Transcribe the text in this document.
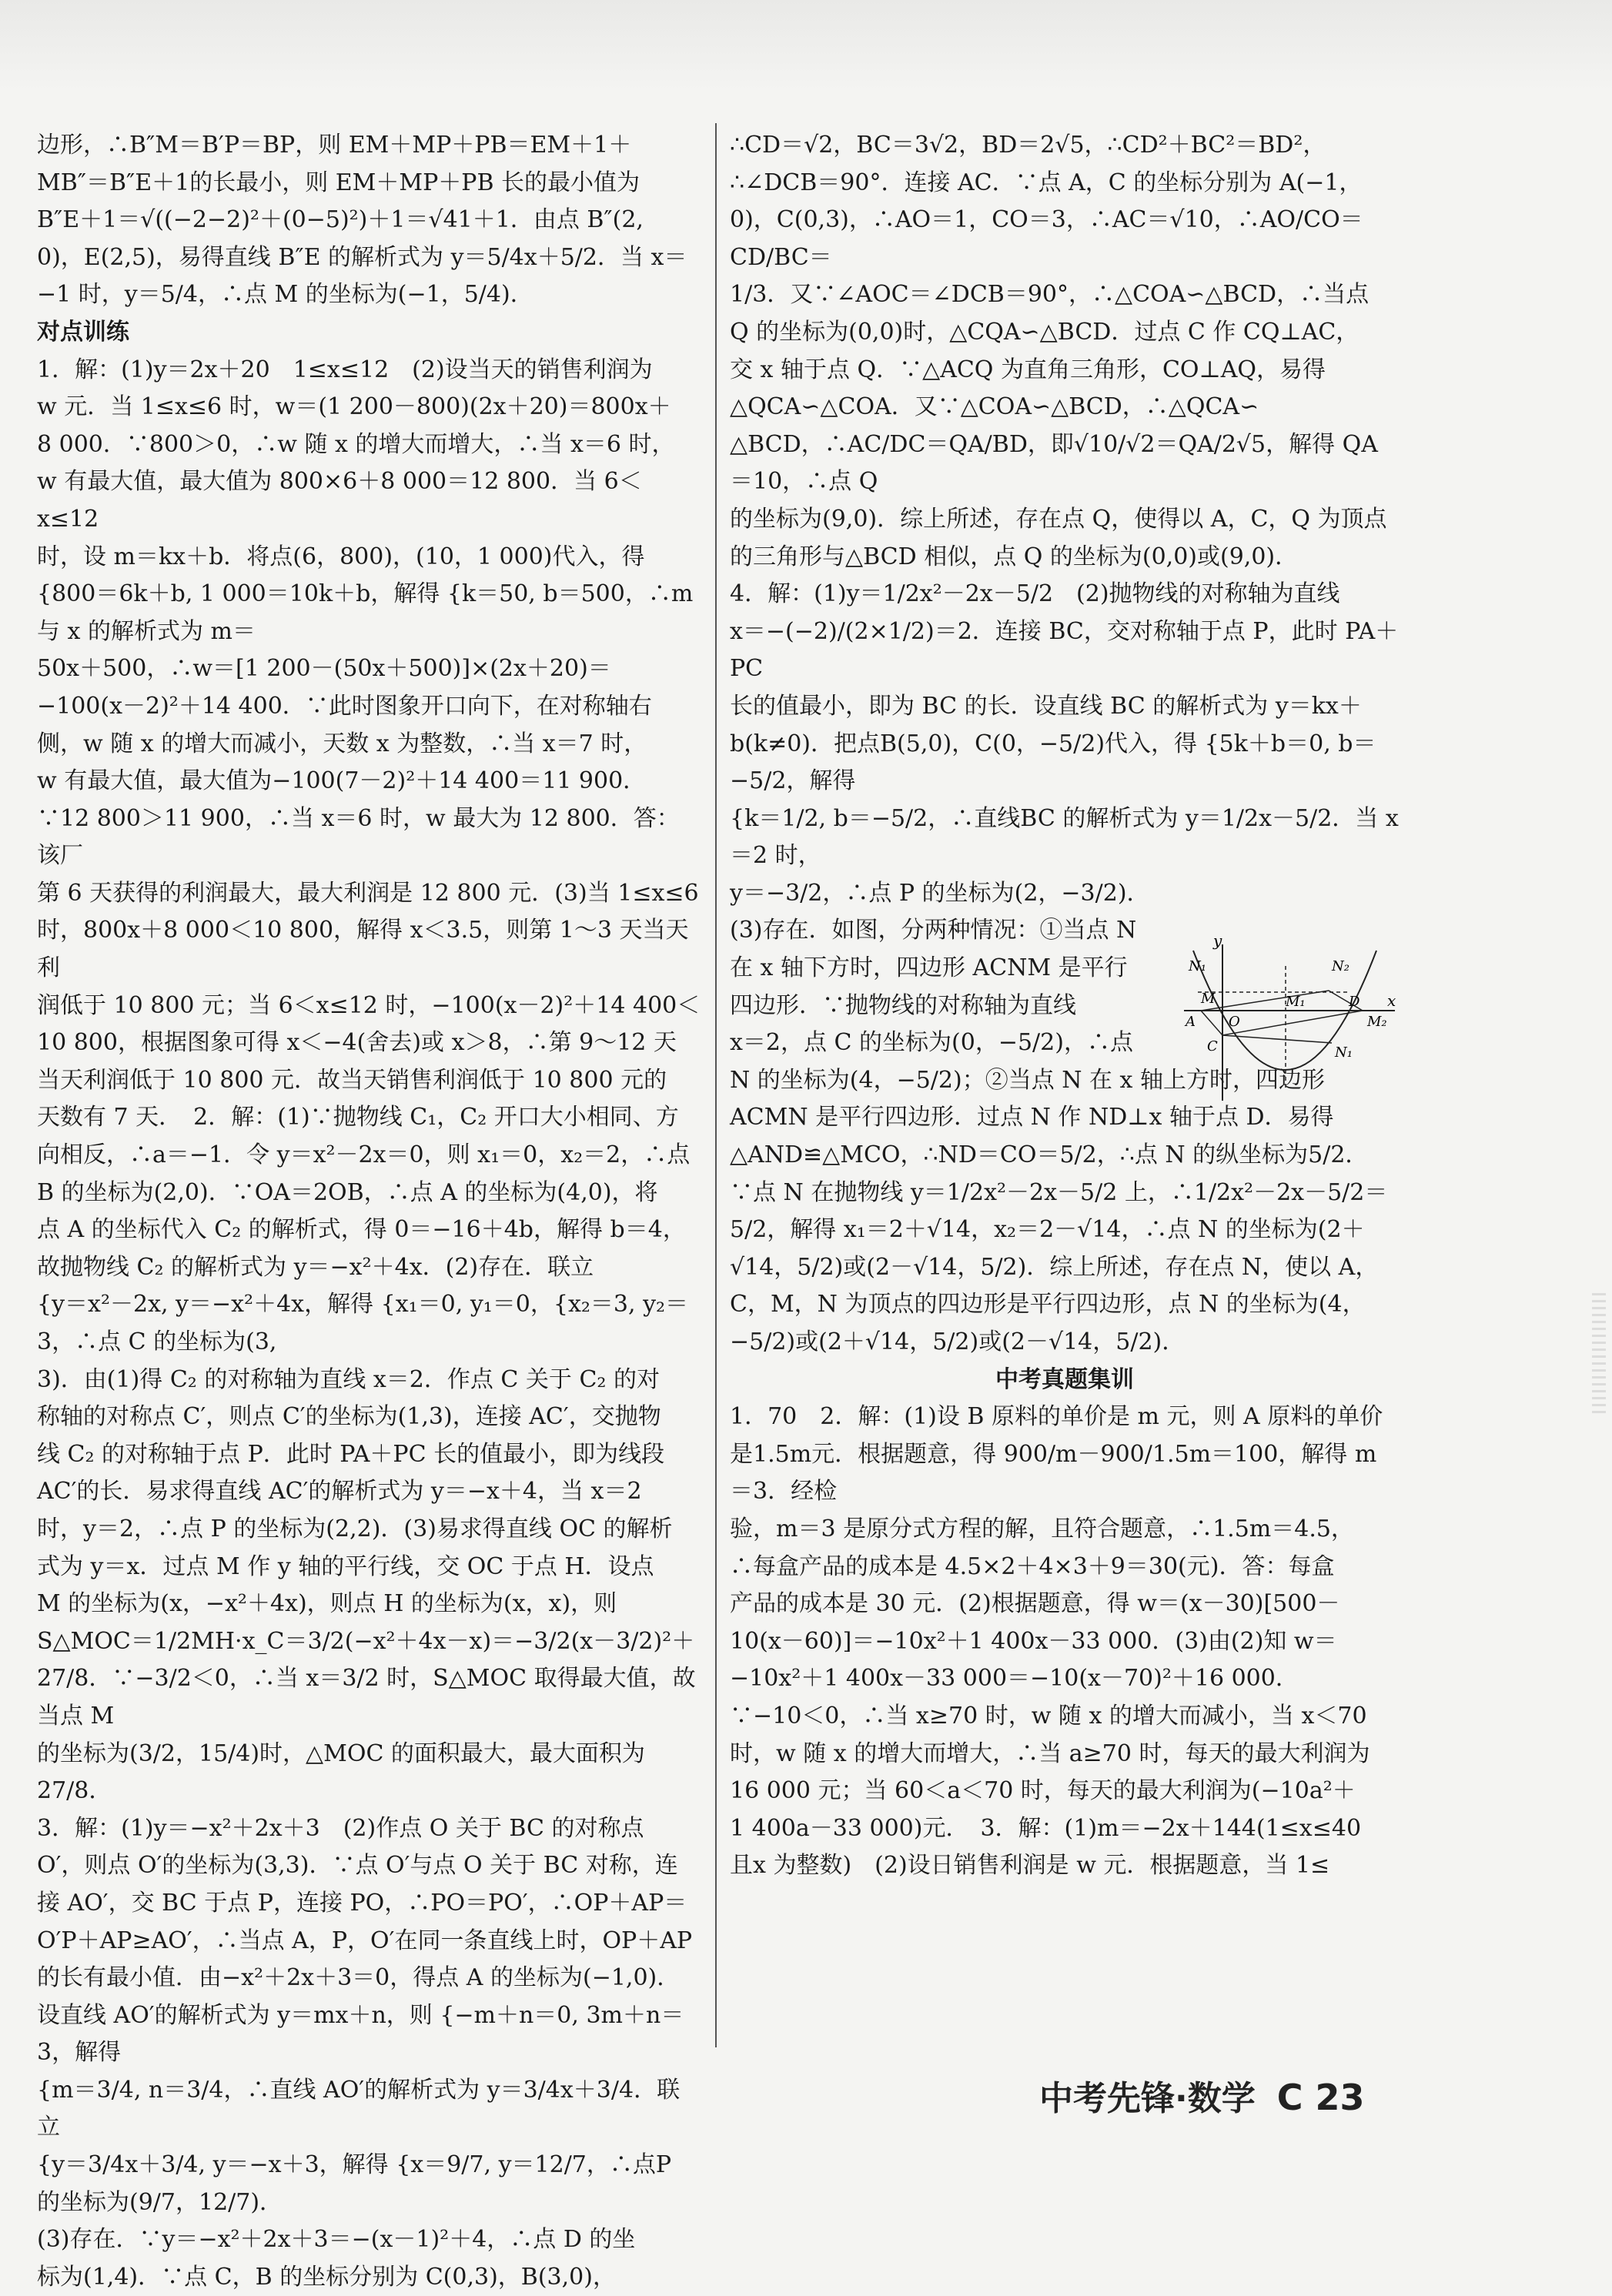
边形，∴B″M＝B′P＝BP，则 EM＋MP＋PB＝EM＋1＋

MB″＝B″E＋1的长最小，则 EM＋MP＋PB 长的最小值为

B″E＋1＝√((−2−2)²＋(0−5)²)＋1＝√41＋1．由点 B″(2,

0)，E(2,5)，易得直线 B″E 的解析式为 y＝5/4x＋5/2．当 x＝

−1 时，y＝5/4，∴点 M 的坐标为(−1，5/4)．

对点训练

1．解：(1)y＝2x＋20　1≤x≤12　(2)设当天的销售利润为

w 元．当 1≤x≤6 时，w＝(1 200－800)(2x＋20)＝800x＋

8 000．∵800＞0，∴w 随 x 的增大而增大，∴当 x＝6 时，

w 有最大值，最大值为 800×6＋8 000＝12 800．当 6＜x≤12

时，设 m＝kx＋b．将点(6，800)，(10，1 000)代入，得

{800＝6k＋b, 1 000＝10k＋b，解得 {k＝50, b＝500，∴m 与 x 的解析式为 m＝

50x＋500，∴w＝[1 200－(50x＋500)]×(2x＋20)＝

−100(x－2)²＋14 400．∵此时图象开口向下，在对称轴右

侧，w 随 x 的增大而减小，天数 x 为整数，∴当 x＝7 时，

w 有最大值，最大值为−100(7－2)²＋14 400＝11 900．

∵12 800＞11 900，∴当 x＝6 时，w 最大为 12 800．答：该厂

第 6 天获得的利润最大，最大利润是 12 800 元．(3)当 1≤x≤6

时，800x＋8 000＜10 800，解得 x＜3.5，则第 1～3 天当天利

润低于 10 800 元；当 6＜x≤12 时，−100(x－2)²＋14 400＜

10 800，根据图象可得 x＜−4(舍去)或 x＞8，∴第 9～12 天

当天利润低于 10 800 元．故当天销售利润低于 10 800 元的

天数有 7 天．　2．解：(1)∵抛物线 C₁，C₂ 开口大小相同、方

向相反，∴a＝−1．令 y＝x²－2x＝0，则 x₁＝0，x₂＝2，∴点

B 的坐标为(2,0)．∵OA＝2OB，∴点 A 的坐标为(4,0)，将

点 A 的坐标代入 C₂ 的解析式，得 0＝−16＋4b，解得 b＝4，

故抛物线 C₂ 的解析式为 y＝−x²＋4x．(2)存在．联立

{y＝x²－2x, y＝−x²＋4x，解得 {x₁＝0, y₁＝0，{x₂＝3, y₂＝3，∴点 C 的坐标为(3,

3)．由(1)得 C₂ 的对称轴为直线 x＝2．作点 C 关于 C₂ 的对

称轴的对称点 C′，则点 C′的坐标为(1,3)，连接 AC′，交抛物

线 C₂ 的对称轴于点 P．此时 PA＋PC 长的值最小，即为线段

AC′的长．易求得直线 AC′的解析式为 y＝−x＋4，当 x＝2

时，y＝2，∴点 P 的坐标为(2,2)．(3)易求得直线 OC 的解析

式为 y＝x．过点 M 作 y 轴的平行线，交 OC 于点 H．设点

M 的坐标为(x，−x²＋4x)，则点 H 的坐标为(x，x)，则

S△MOC＝1/2MH·x_C＝3/2(−x²＋4x－x)＝−3/2(x－3/2)²＋

27/8．∵−3/2＜0，∴当 x＝3/2 时，S△MOC 取得最大值，故当点 M

的坐标为(3/2，15/4)时，△MOC 的面积最大，最大面积为27/8．

3．解：(1)y＝−x²＋2x＋3　(2)作点 O 关于 BC 的对称点

O′，则点 O′的坐标为(3,3)．∵点 O′与点 O 关于 BC 对称，连

接 AO′，交 BC 于点 P，连接 PO，∴PO＝PO′，∴OP＋AP＝

O′P＋AP≥AO′，∴当点 A，P，O′在同一条直线上时，OP＋AP

的长有最小值．由−x²＋2x＋3＝0，得点 A 的坐标为(−1,0)．

设直线 AO′的解析式为 y＝mx＋n，则 {−m＋n＝0, 3m＋n＝3，解得

{m＝3/4, n＝3/4，∴直线 AO′的解析式为 y＝3/4x＋3/4．联立

{y＝3/4x＋3/4, y＝−x＋3，解得 {x＝9/7, y＝12/7，∴点P 的坐标为(9/7，12/7)．

(3)存在．∵y＝−x²＋2x＋3＝−(x－1)²＋4，∴点 D 的坐

标为(1,4)．∵点 C，B 的坐标分别为 C(0,3)，B(3,0)，

∴CD＝√2，BC＝3√2，BD＝2√5，∴CD²＋BC²＝BD²，

∴∠DCB＝90°．连接 AC．∵点 A，C 的坐标分别为 A(−1，

0)，C(0,3)，∴AO＝1，CO＝3，∴AC＝√10，∴AO/CO＝CD/BC＝

1/3．又∵∠AOC＝∠DCB＝90°，∴△COA∽△BCD，∴当点

Q 的坐标为(0,0)时，△CQA∽△BCD．过点 C 作 CQ⊥AC，

交 x 轴于点 Q．∵△ACQ 为直角三角形，CO⊥AQ，易得

△QCA∽△COA．又∵△COA∽△BCD，∴△QCA∽

△BCD，∴AC/DC＝QA/BD，即√10/√2＝QA/2√5，解得 QA＝10，∴点 Q

的坐标为(9,0)．综上所述，存在点 Q，使得以 A，C，Q 为顶点

的三角形与△BCD 相似，点 Q 的坐标为(0,0)或(9,0)．

4．解：(1)y＝1/2x²－2x－5/2　(2)抛物线的对称轴为直线

x＝−(−2)/(2×1/2)＝2．连接 BC，交对称轴于点 P，此时 PA＋PC

长的值最小，即为 BC 的长．设直线 BC 的解析式为 y＝kx＋

b(k≠0)．把点B(5,0)，C(0，−5/2)代入，得 {5k＋b＝0, b＝−5/2，解得

{k＝1/2, b＝−5/2，∴直线BC 的解析式为 y＝1/2x－5/2．当 x＝2 时，

y＝−3/2，∴点 P 的坐标为(2，−3/2)．

(3)存在．如图，分两种情况：①当点 N

在 x 轴下方时，四边形 ACNM 是平行

四边形．∵抛物线的对称轴为直线

x＝2，点 C 的坐标为(0，−5/2)，∴点

N 的坐标为(4，−5/2)；②当点 N 在 x 轴上方时，四边形

ACMN 是平行四边形．过点 N 作 ND⊥x 轴于点 D．易得

△AND≌△MCO，∴ND＝CO＝5/2，∴点 N 的纵坐标为5/2．

∵点 N 在抛物线 y＝1/2x²－2x－5/2 上，∴1/2x²－2x－5/2＝

5/2，解得 x₁＝2＋√14，x₂＝2－√14，∴点 N 的坐标为(2＋

√14，5/2)或(2－√14，5/2)．综上所述，存在点 N，使以 A，

C，M，N 为顶点的四边形是平行四边形，点 N 的坐标为(4，

−5/2)或(2＋√14，5/2)或(2－√14，5/2)．

中考真题集训

1．70　2．解：(1)设 B 原料的单价是 m 元，则 A 原料的单价

是1.5m元．根据题意，得 900/m－900/1.5m＝100，解得 m＝3．经检

验，m＝3 是原分式方程的解，且符合题意，∴1.5m＝4.5，

∴每盒产品的成本是 4.5×2＋4×3＋9＝30(元)．答：每盒

产品的成本是 30 元．(2)根据题意，得 w＝(x－30)[500－

10(x－60)]＝−10x²＋1 400x－33 000．(3)由(2)知 w＝

−10x²＋1 400x－33 000＝−10(x－70)²＋16 000．

∵−10＜0，∴当 x≥70 时，w 随 x 的增大而减小，当 x＜70

时，w 随 x 的增大而增大，∴当 a≥70 时，每天的最大利润为

16 000 元；当 60＜a＜70 时，每天的最大利润为(−10a²＋

1 400a－33 000)元．　3．解：(1)m＝−2x＋144(1≤x≤40

且x 为整数)　(2)设日销售利润是 w 元．根据题意，当 1≤

y
x
N₁	N₂
M	M₁
A O
D
M₂
C	N₁
中考先锋·数学 C 23
